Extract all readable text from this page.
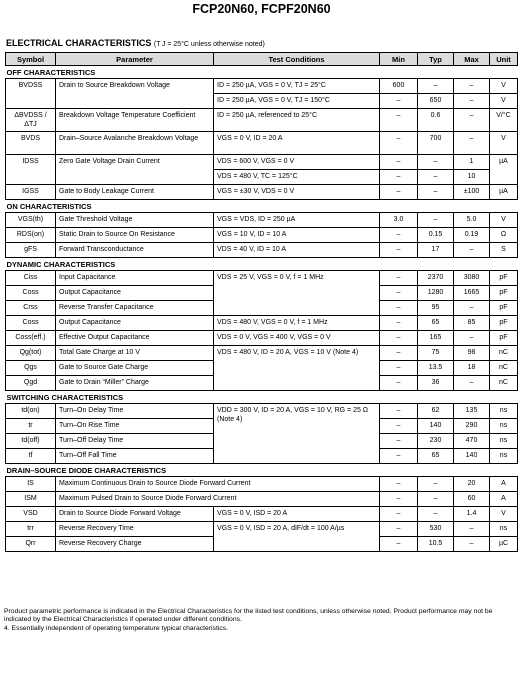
FCP20N60, FCPF20N60
ELECTRICAL CHARACTERISTICS (T J = 25°C unless otherwise noted)
Symbol	Parameter	Test Conditions	Min	Typ	Max	Unit
OFF CHARACTERISTICS						
BVDSS	Drain to Source Breakdown Voltage	ID = 250 µA, VGS = 0 V, TJ = 25°C	600	–	–	V
		ID = 250 µA, VGS = 0 V, TJ = 150°C	–	650	–	V
ΔBVDSS / ΔTJ	Breakdown Voltage Temperature Coefficient	ID = 250 µA, referenced to 25°C	–	0.6	–	V/°C
BVDS	Drain–Source Avalanche Breakdown Voltage	VGS = 0 V, ID = 20 A	–	700	–	V
IDSS	Zero Gate Voltage Drain Current	VDS = 600 V, VGS = 0 V	–	–	1	µA
		VDS = 480 V, TC = 125°C	–	–	10	
IGSS	Gate to Body Leakage Current	VGS = ±30 V, VDS = 0 V	–	–	±100	µA
ON CHARACTERISTICS						
VGS(th)	Gate Threshold Voltage	VGS = VDS, ID = 250 µA	3.0	–	5.0	V
RDS(on)	Static Drain to Source On Resistance	VGS = 10 V, ID = 10 A	–	0.15	0.19	Ω
gFS	Forward Transconductance	VDS = 40 V, ID = 10 A	–	17	–	S
DYNAMIC CHARACTERISTICS						
Ciss	Input Capacitance	VDS = 25 V, VGS = 0 V, f = 1 MHz	–	2370	3080	pF
Coss	Output Capacitance		–	1280	1665	pF
Crss	Reverse Transfer Capacitance		–	95	–	pF
Coss	Output Capacitance	VDS = 480 V, VGS = 0 V, f = 1 MHz	–	65	85	pF
Coss(eff.)	Effective Output Capacitance	VDS = 0 V, VGS = 400 V, VGS = 0 V	–	165	–	pF
Qg(tot)	Total Gate Charge at 10 V	VDS = 480 V, ID = 20 A, VGS = 10 V (Note 4)	–	75	98	nC
Qgs	Gate to Source Gate Charge		–	13.5	18	nC
Qgd	Gate to Drain “Miller” Charge		–	36	–	nC
SWITCHING CHARACTERISTICS						
td(on)	Turn–On Delay Time	VDD = 300 V, ID = 20 A, VGS = 10 V, RG = 25 Ω (Note 4)	–	62	135	ns
tr	Turn–On Rise Time		–	140	290	ns
td(off)	Turn–Off Delay Time		–	230	470	ns
tf	Turn–Off Fall Time		–	65	140	ns
DRAIN–SOURCE DIODE CHARACTERISTICS						
IS	Maximum Continuous Drain to Source Diode Forward Current		–	–	20	A
ISM	Maximum Pulsed Drain to Source Diode Forward Current		–	–	60	A
VSD	Drain to Source Diode Forward Voltage	VGS = 0 V, ISD = 20 A	–	–	1.4	V
trr	Reverse Recovery Time	VGS = 0 V, ISD = 20 A, dIF/dt = 100 A/µs	–	530	–	ns
Qrr	Reverse Recovery Charge		–	10.5	–	µC
Product parametric performance is indicated in the Electrical Characteristics for the listed test conditions, unless otherwise noted. Product performance may not be indicated by the Electrical Characteristics if operated under different conditions.
4. Essentially independent of operating temperature typical characteristics.
